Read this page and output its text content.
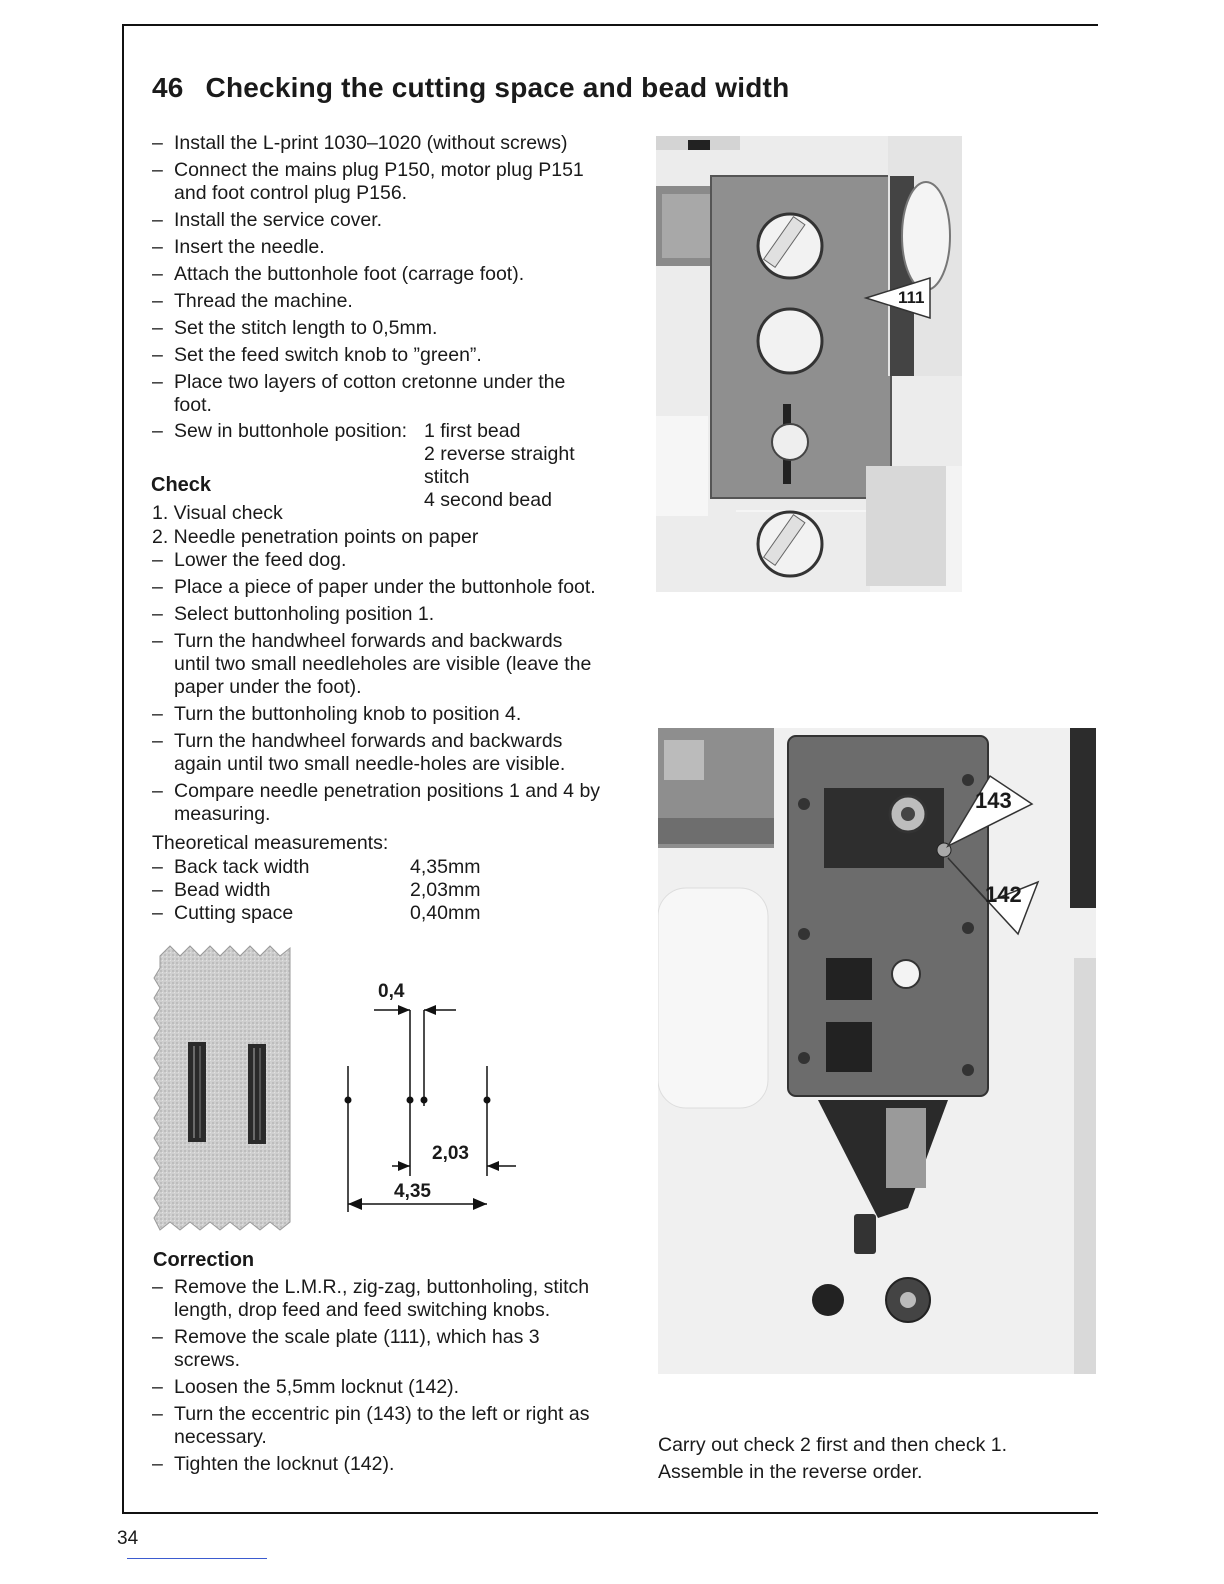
46 Checking the cutting space and bead width
– Install the L-print 1030–1020 (without screws)
– Connect the mains plug P150, motor plug P151 and foot control plug P156.
– Install the service cover.
– Insert the needle.
– Attach the buttonhole foot (carrage foot).
– Thread the machine.
– Set the stitch length to 0,5mm.
– Set the feed switch knob to ”green”.
– Place two layers of cotton cretonne under the foot.
– Sew in buttonhole position: 1 first bead
2 reverse straight stitch
4 second bead
Check
1. Visual check
2. Needle penetration points on paper
– Lower the feed dog.
– Place a piece of paper under the buttonhole foot.
– Select buttonholing position 1.
– Turn the handwheel forwards and backwards until two small needleholes are visible (leave the paper under the foot).
– Turn the buttonholing knob to position 4.
– Turn the handwheel forwards and backwards again until two small needle-holes are visible.
– Compare needle penetration positions 1 and 4 by measuring.
Theoretical measurements:
– Back tack width	4,35mm
– Bead width	2,03mm
– Cutting space	0,40mm
0,4
2,03
4,35
Correction
– Remove the L.M.R., zig-zag, buttonholing, stitch length, drop feed and feed switching knobs.
– Remove the scale plate (111), which has 3 screws.
– Loosen the 5,5mm locknut (142).
– Turn the eccentric pin (143) to the left or right as necessary.
– Tighten the locknut (142).
111
143
142
Carry out check 2 first and then check 1.
Assemble in the reverse order.
34
